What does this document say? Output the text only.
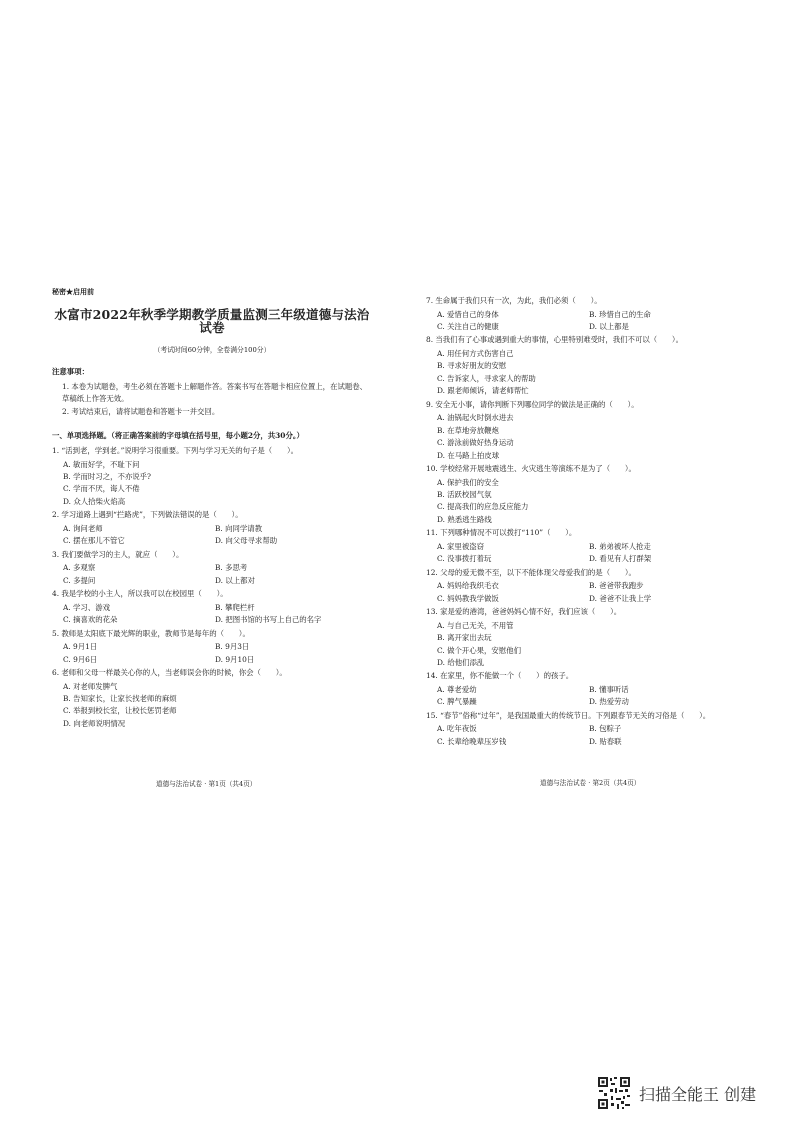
秘密★启用前
水富市2022年秋季学期教学质量监测三年级道德与法治试卷
（考试时间60分钟，全卷满分100分）
注意事项：
1. 本卷为试题卷，考生必须在答题卡上解题作答。答案书写在答题卡相应位置上，在试题卷、草稿纸上作答无效。
2. 考试结束后，请将试题卷和答题卡一并交回。
一、单项选择题。（将正确答案前的字母填在括号里，每小题2分，共30分。）
1. “活到老，学到老。”说明学习很重要。下列与学习无关的句子是（　　）。
A. 敏而好学，不耻下问
B. 学而时习之，不亦说乎?
C. 学而不厌，诲人不倦
D. 众人拾柴火焰高
2. 学习道路上遇到“拦路虎”，下列做法错误的是（　　）。
A. 询问老师	B. 向同学请教
C. 摆在那儿不管它	D. 向父母寻求帮助
3. 我们要做学习的主人，就应（　　）。
A. 多观察	B. 多思考
C. 多提问	D. 以上都对
4. 我是学校的小主人，所以我可以在校园里（　　）。
A. 学习、游戏	B. 攀爬栏杆
C. 摘喜欢的花朵	D. 把图书馆的书写上自己的名字
5. 教师是太阳底下最光辉的职业，教师节是每年的（　　）。
A. 9月1日	B. 9月3日
C. 9月6日	D. 9月10日
6. 老师和父母一样最关心你的人，当老师误会你的时候，你会（　　）。
A. 对老师发脾气
B. 告知家长，让家长找老师的麻烦
C. 举报到校长室，让校长惩罚老师
D. 向老师说明情况
道德与法治试卷 · 第1页（共4页）
7. 生命属于我们只有一次，为此，我们必须（　　）。
A. 爱惜自己的身体	B. 珍惜自己的生命
C. 关注自己的健康	D. 以上都是
8. 当我们有了心事或遇到重大的事情，心里特别难受时，我们不可以（　　）。
A. 用任何方式伤害自己
B. 寻求好朋友的安慰
C. 告诉家人，寻求家人的帮助
D. 跟老师倾诉，请老师帮忙
9. 安全无小事，请你判断下列哪位同学的做法是正确的（　　）。
A. 油锅起火时倒水进去
B. 在草地旁放鞭炮
C. 游泳前做好热身运动
D. 在马路上拍皮球
10. 学校经常开展地震逃生、火灾逃生等演练不是为了（　　）。
A. 保护我们的安全
B. 活跃校园气氛
C. 提高我们的应急反应能力
D. 熟悉逃生路线
11. 下列哪种情况不可以拨打“110”（　　）。
A. 家里被盗窃	B. 弟弟被坏人抢走
C. 没事拨打着玩	D. 看见有人打群架
12. 父母的爱无微不至，以下不能体现父母爱我们的是（　　）。
A. 妈妈给我织毛衣	B. 爸爸带我跑步
C. 妈妈教我学做饭	D. 爸爸不让我上学
13. 家是爱的港湾，爸爸妈妈心情不好，我们应该（　　）。
A. 与自己无关，不用管
B. 离开家出去玩
C. 做个开心果，安慰他们
D. 给他们添乱
14. 在家里，你不能做一个（　　）的孩子。
A. 尊老爱幼	B. 懂事听话
C. 脾气暴躁	D. 热爱劳动
15. “春节”俗称“过年”，是我国最重大的传统节日。下列跟春节无关的习俗是（　　）。
A. 吃年夜饭	B. 包粽子
C. 长辈给晚辈压岁钱	D. 贴春联
道德与法治试卷 · 第2页（共4页）
扫描全能王 创建
